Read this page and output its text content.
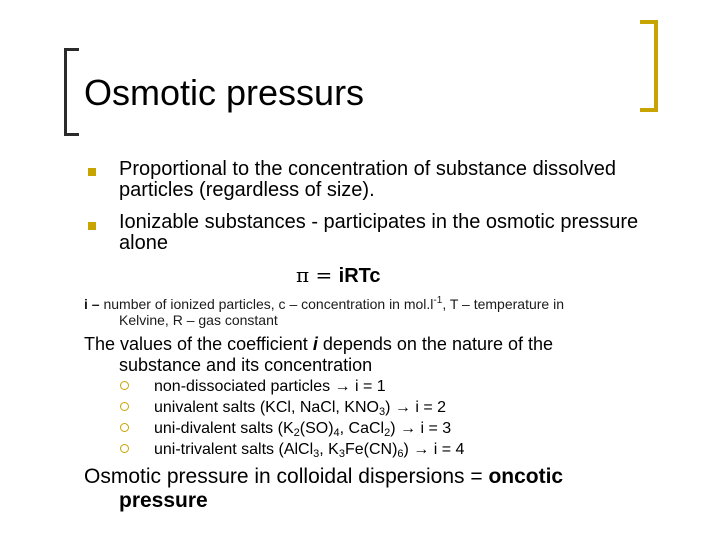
Osmotic pressurs
Proportional to the concentration of substance dissolved particles (regardless of size).
Ionizable substances - participates in the osmotic pressure alone
π = iRTc
i – number of ionized particles, c – concentration in $mol.l^{-1}$, T – temperature in
Kelvine, R – gas constant
The values of the coefficient i depends on the nature of the
substance and its concentration
non-dissociated particles → i = 1
univalent salts (KCl, NaCl, $KNO_3) \to i = 2$
uni-divalent salts ($K_2(SO)_4$, CaCl$_2$) → i = 3
uni-trivalent salts (AlCl$_3$, $K_3Fe(CN)_6) \to i = 4$
Osmotic pressure in colloidal dispersions = oncotic
pressure
